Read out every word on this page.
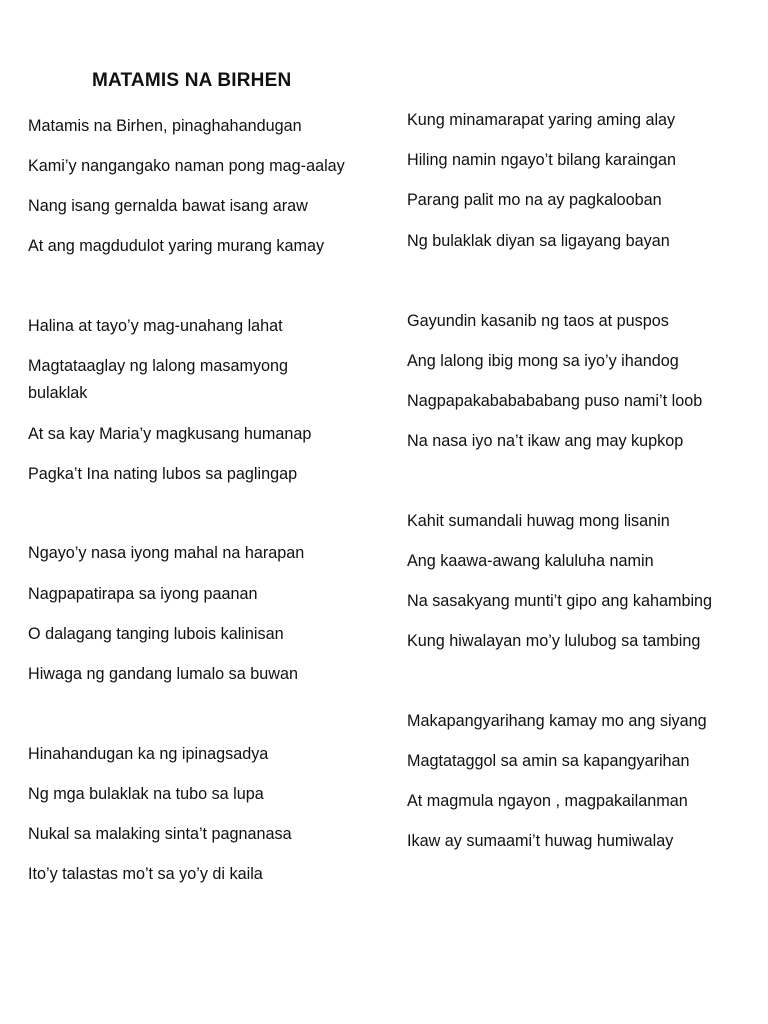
MATAMIS NA BIRHEN
Matamis na Birhen, pinaghahandugan
Kami’y nangangako naman pong mag-aalay
Nang isang gernalda bawat isang araw
At ang magdudulot yaring murang kamay
Halina at tayo’y mag-unahang lahat
Magtataaglay ng lalong masamyong bulaklak
At sa kay Maria’y magkusang humanap
Pagka’t Ina nating lubos sa paglingap
Ngayo’y nasa iyong mahal na harapan
Nagpapatirapa sa iyong paanan
O dalagang tanging lubois kalinisan
Hiwaga ng gandang lumalo sa buwan
Hinahandugan ka ng ipinagsadya
Ng mga bulaklak na tubo sa lupa
Nukal sa malaking sinta’t pagnanasa
Ito’y talastas mo’t sa yo’y di kaila
Kung minamarapat yaring aming alay
Hiling namin ngayo’t bilang karaingan
Parang palit mo na ay pagkalooban
Ng bulaklak diyan sa ligayang bayan
Gayundin kasanib ng taos at puspos
Ang lalong ibig mong sa iyo’y ihandog
Nagpapakababababang puso nami’t loob
Na nasa iyo na’t ikaw ang may kupkop
Kahit sumandali huwag mong lisanin
Ang kaawa-awang kaluluha namin
Na sasakyang munti’t gipo ang kahambing
Kung hiwalayan mo’y lulubog sa tambing
Makapangyarihang kamay mo ang siyang
Magtataggol sa amin sa kapangyarihan
At magmula ngayon , magpakailanman
Ikaw ay sumaami’t huwag humiwalay
